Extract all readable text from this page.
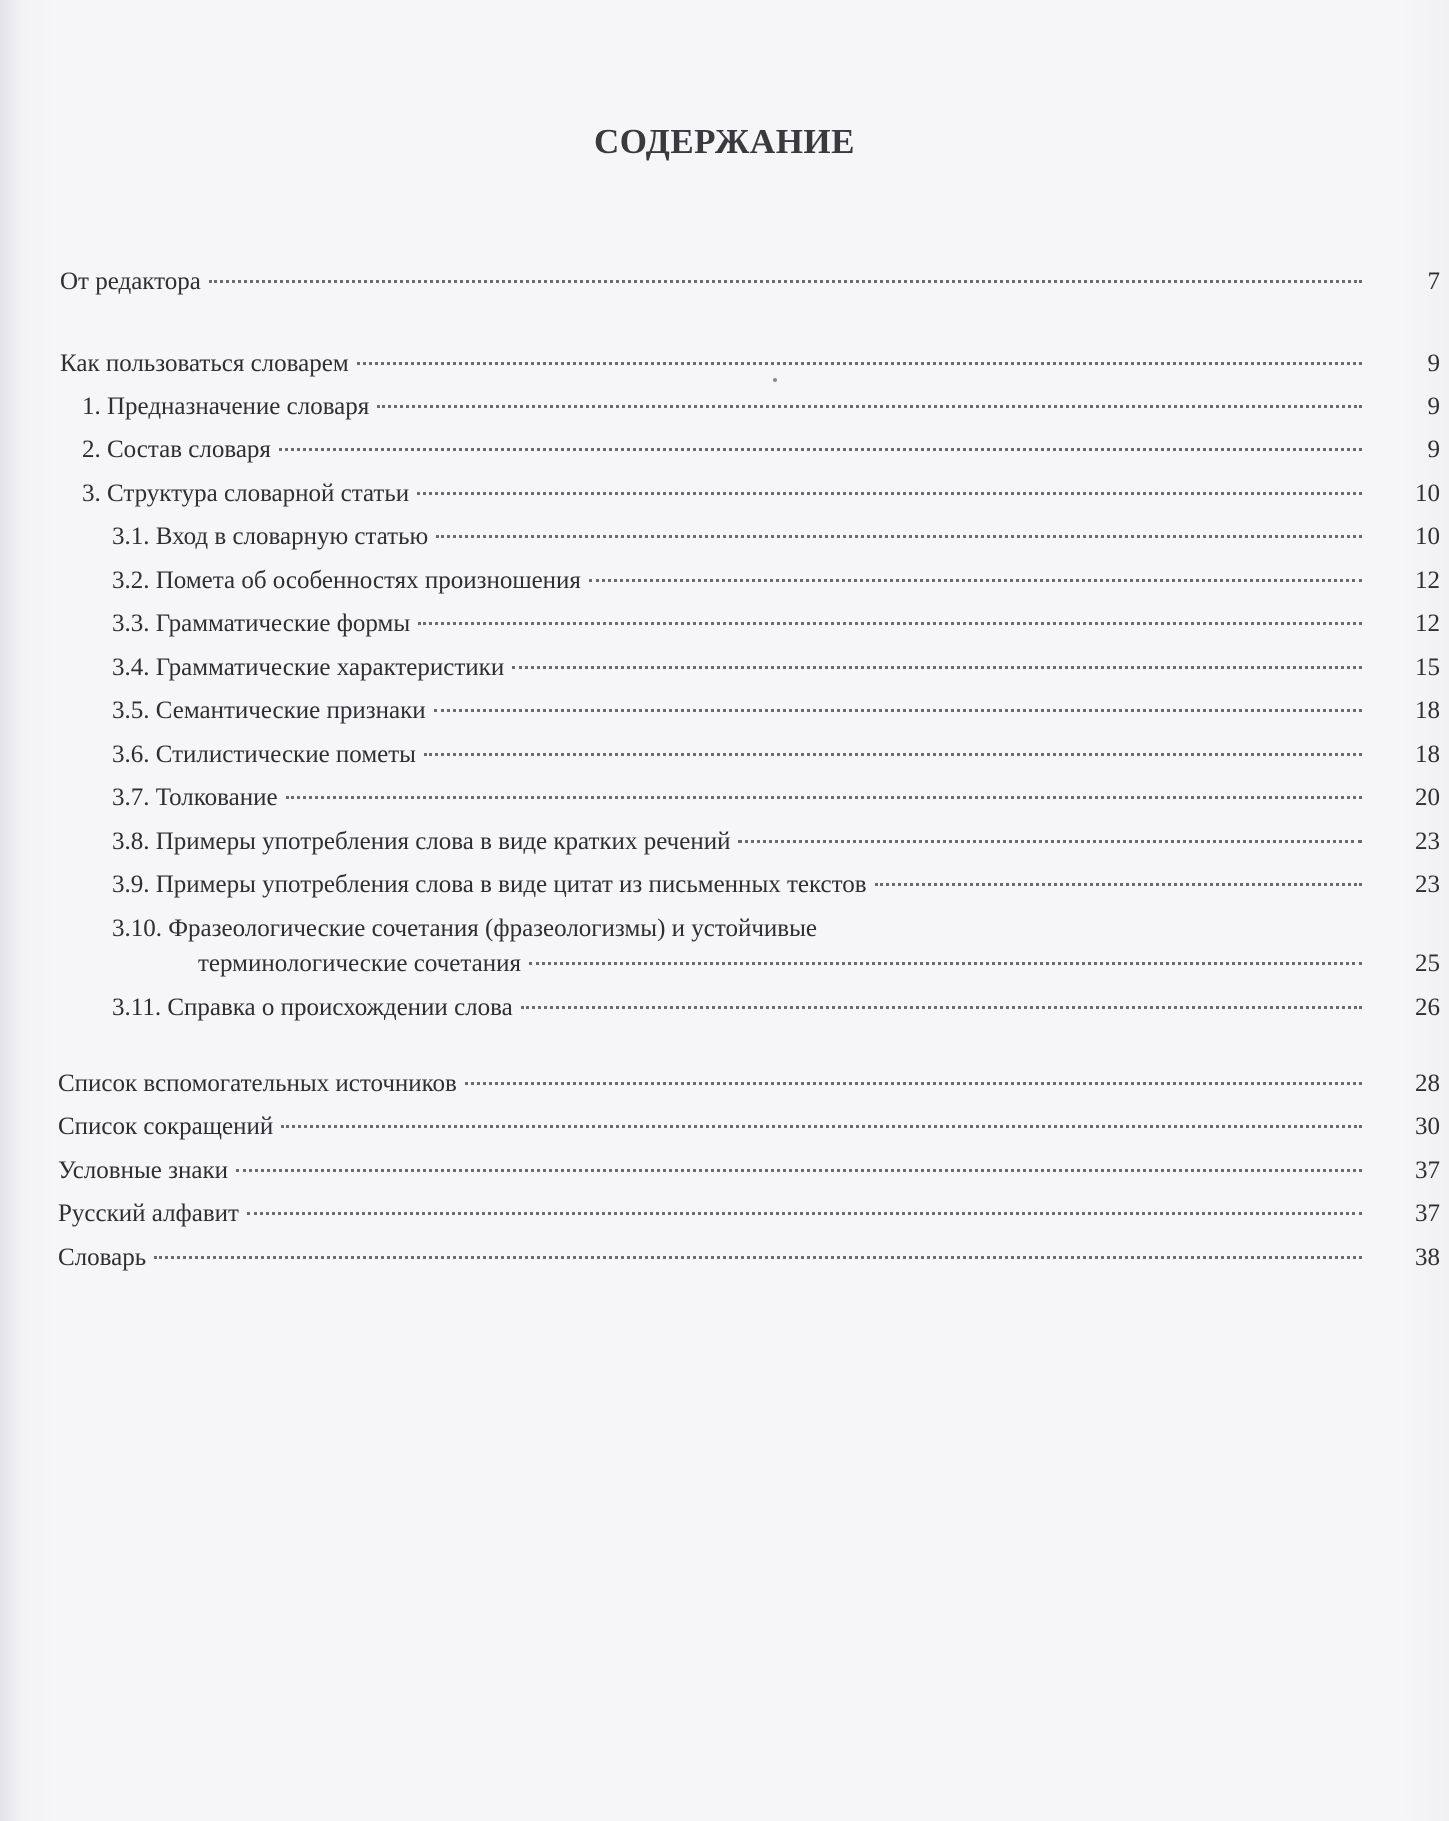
СОДЕРЖАНИЕ
От редактора	7
Как пользоваться словарем	9
1. Предназначение словаря	9
2. Состав словаря	9
3. Структура словарной статьи	10
3.1. Вход в словарную статью	10
3.2. Помета об особенностях произношения	12
3.3. Грамматические формы	12
3.4. Грамматические характеристики	15
3.5. Семантические признаки	18
3.6. Стилистические пометы	18
3.7. Толкование	20
3.8. Примеры употребления слова в виде кратких речений	23
3.9. Примеры употребления слова в виде цитат из письменных текстов	23
3.10. Фразеологические сочетания (фразеологизмы) и устойчивые
терминологические сочетания	25
3.11. Справка о происхождении слова	26
Список вспомогательных источников	28
Список сокращений	30
Условные знаки	37
Русский алфавит	37
Словарь	38
